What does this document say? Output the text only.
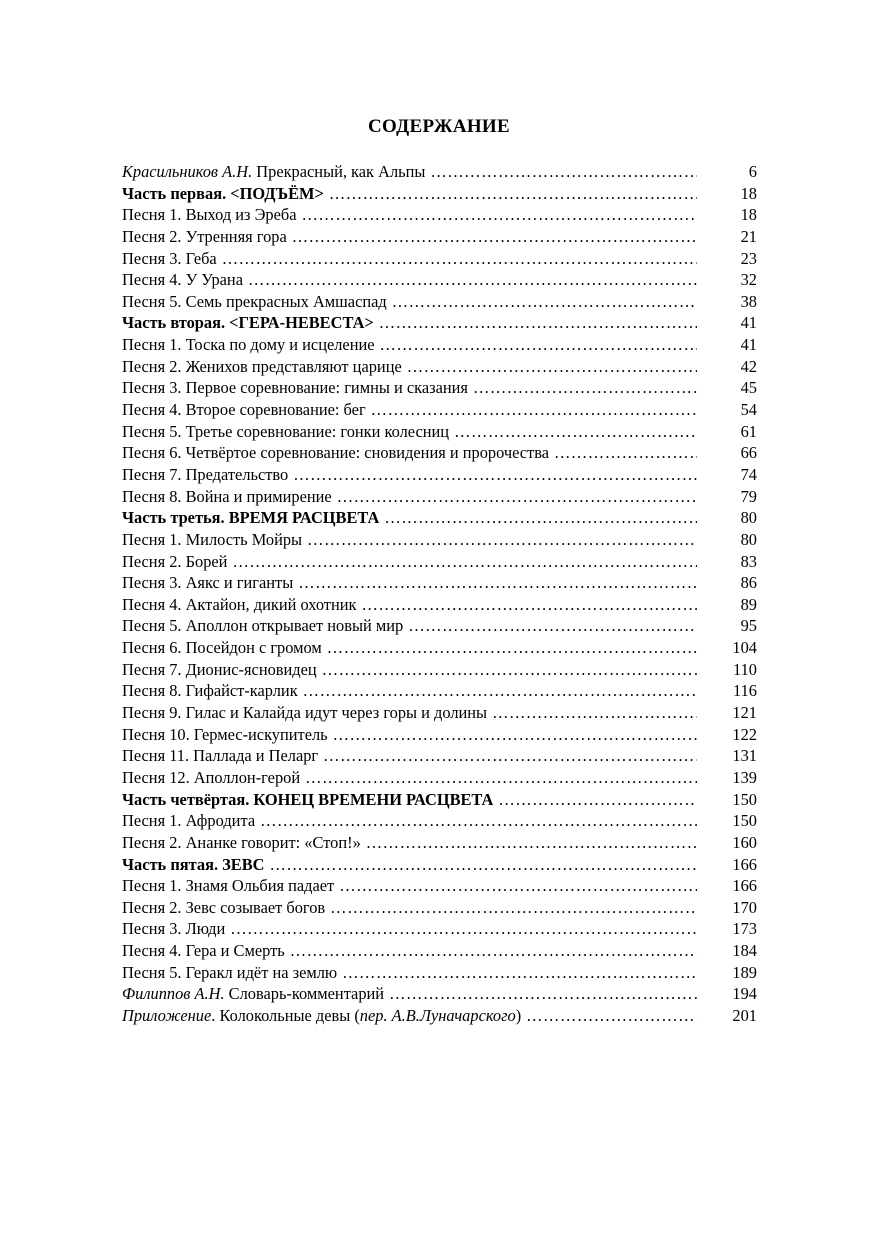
СОДЕРЖАНИЕ
Красильников А.Н. Прекрасный, как Альпы ……………………………………………………………………………………………………………………………………………………	6
Часть первая. <ПОДЪЁМ> ……………………………………………………………………………………………………………………………………………………	18
Песня 1. Выход из Эреба ……………………………………………………………………………………………………………………………………………………	18
Песня 2. Утренняя гора ……………………………………………………………………………………………………………………………………………………	21
Песня 3. Геба ……………………………………………………………………………………………………………………………………………………	23
Песня 4. У Урана ……………………………………………………………………………………………………………………………………………………	32
Песня 5. Семь прекрасных Амшаспад ……………………………………………………………………………………………………………………………………………………	38
Часть вторая. <ГЕРА-НЕВЕСТА> ……………………………………………………………………………………………………………………………………………………	41
Песня 1. Тоска по дому и исцеление ……………………………………………………………………………………………………………………………………………………	41
Песня 2. Женихов представляют царице ……………………………………………………………………………………………………………………………………………………	42
Песня 3. Первое соревнование: гимны и сказания ……………………………………………………………………………………………………………………………………………………	45
Песня 4. Второе соревнование: бег ……………………………………………………………………………………………………………………………………………………	54
Песня 5. Третье соревнование: гонки колесниц ……………………………………………………………………………………………………………………………………………………	61
Песня 6. Четвёртое соревнование: сновидения и пророчества ……………………………………………………………………………………………………………………………………………………	66
Песня 7. Предательство ……………………………………………………………………………………………………………………………………………………	74
Песня 8. Война и примирение ……………………………………………………………………………………………………………………………………………………	79
Часть третья. ВРЕМЯ РАСЦВЕТА ……………………………………………………………………………………………………………………………………………………	80
Песня 1. Милость Мойры ……………………………………………………………………………………………………………………………………………………	80
Песня 2. Борей ……………………………………………………………………………………………………………………………………………………	83
Песня 3. Аякс и гиганты ……………………………………………………………………………………………………………………………………………………	86
Песня 4. Актайон, дикий охотник ……………………………………………………………………………………………………………………………………………………	89
Песня 5. Аполлон открывает новый мир ……………………………………………………………………………………………………………………………………………………	95
Песня 6. Посейдон с громом ……………………………………………………………………………………………………………………………………………………	104
Песня 7. Дионис-ясновидец ……………………………………………………………………………………………………………………………………………………	110
Песня 8. Гифайст-карлик ……………………………………………………………………………………………………………………………………………………	116
Песня 9. Гилас и Калайда идут через горы и долины ……………………………………………………………………………………………………………………………………………………	121
Песня 10. Гермес-искупитель ……………………………………………………………………………………………………………………………………………………	122
Песня 11. Паллада и Пеларг ……………………………………………………………………………………………………………………………………………………	131
Песня 12. Аполлон-герой ……………………………………………………………………………………………………………………………………………………	139
Часть четвёртая. КОНЕЦ ВРЕМЕНИ РАСЦВЕТА ……………………………………………………………………………………………………………………………………………………	150
Песня 1. Афродита ……………………………………………………………………………………………………………………………………………………	150
Песня 2. Ананке говорит: «Стоп!» ……………………………………………………………………………………………………………………………………………………	160
Часть пятая. ЗЕВС ……………………………………………………………………………………………………………………………………………………	166
Песня 1. Знамя Ольбия падает ……………………………………………………………………………………………………………………………………………………	166
Песня 2. Зевс созывает богов ……………………………………………………………………………………………………………………………………………………	170
Песня 3. Люди ……………………………………………………………………………………………………………………………………………………	173
Песня 4. Гера и Смерть ……………………………………………………………………………………………………………………………………………………	184
Песня 5. Геракл идёт на землю ……………………………………………………………………………………………………………………………………………………	189
Филиппов А.Н. Словарь-комментарий ……………………………………………………………………………………………………………………………………………………	194
Приложение. Колокольные девы (пер. А.В.Луначарского) ……………………………………………………………………………………………………………………………………………………	201
